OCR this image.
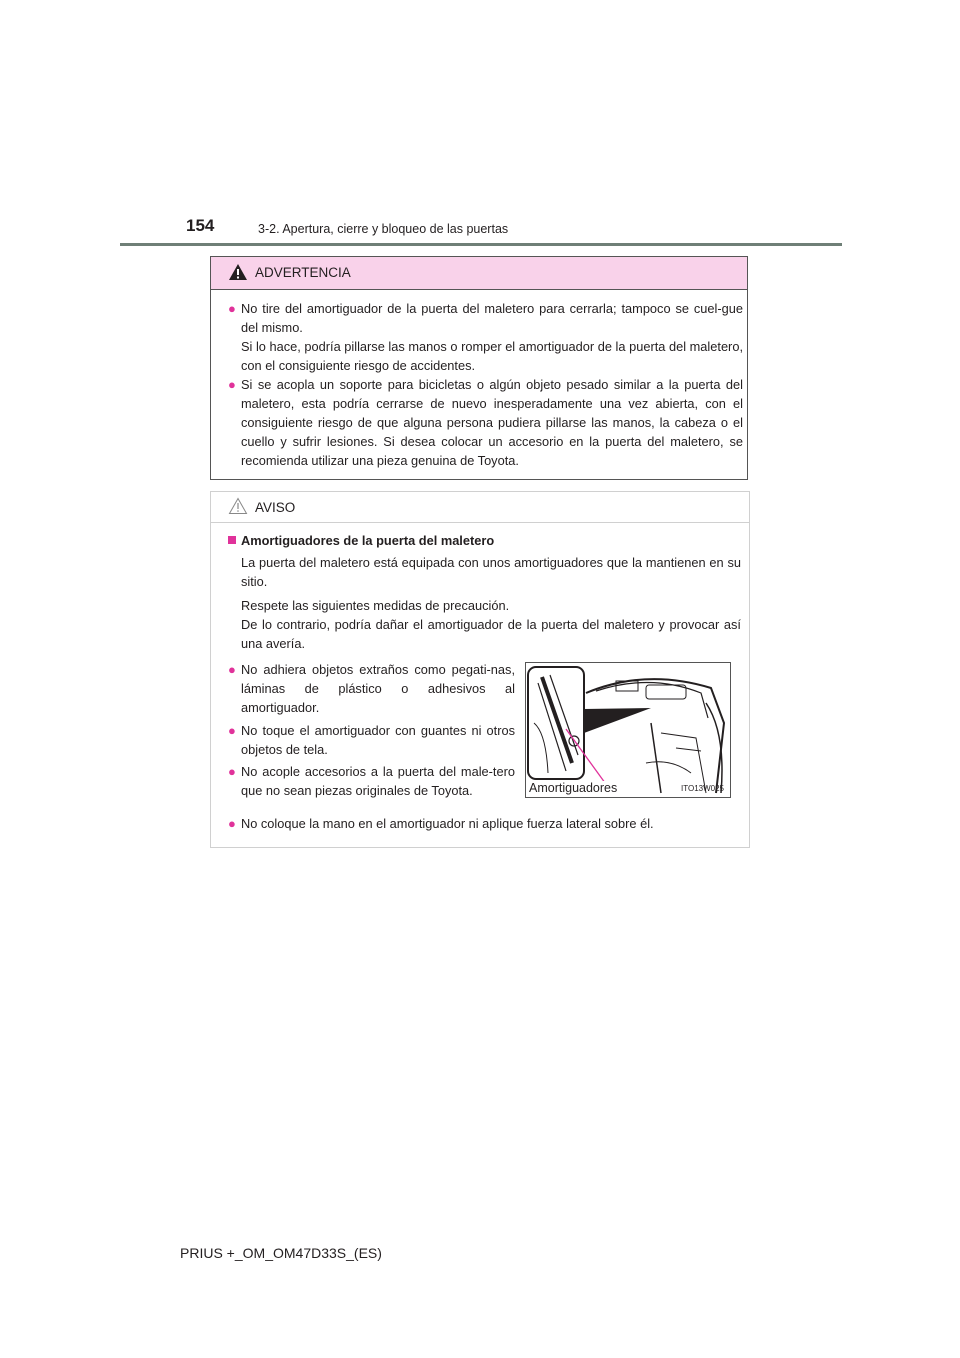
154	3-2. Apertura, cierre y bloqueo de las puertas
ADVERTENCIA
● No tire del amortiguador de la puerta del maletero para cerrarla; tampoco se cuel-gue del mismo.
Si lo hace, podría pillarse las manos o romper el amortiguador de la puerta del maletero, con el consiguiente riesgo de accidentes.
● Si se acopla un soporte para bicicletas o algún objeto pesado similar a la puerta del maletero, esta podría cerrarse de nuevo inesperadamente una vez abierta, con el consiguiente riesgo de que alguna persona pudiera pillarse las manos, la cabeza o el cuello y sufrir lesiones. Si desea colocar un accesorio en la puerta del maletero, se recomienda utilizar una pieza genuina de Toyota.
AVISO
Amortiguadores de la puerta del maletero
La puerta del maletero está equipada con unos amortiguadores que la mantienen en su sitio.
Respete las siguientes medidas de precaución.
De lo contrario, podría dañar el amortiguador de la puerta del maletero y provocar así una avería.
● No adhiera objetos extraños como pegati-nas, láminas de plástico o adhesivos al amortiguador.
● No toque el amortiguador con guantes ni otros objetos de tela.
● No acople accesorios a la puerta del male-tero que no sean piezas originales de Toyota.
● No coloque la mano en el amortiguador ni aplique fuerza lateral sobre él.
Amortiguadores	ITO13W025
PRIUS +_OM_OM47D33S_(ES)
